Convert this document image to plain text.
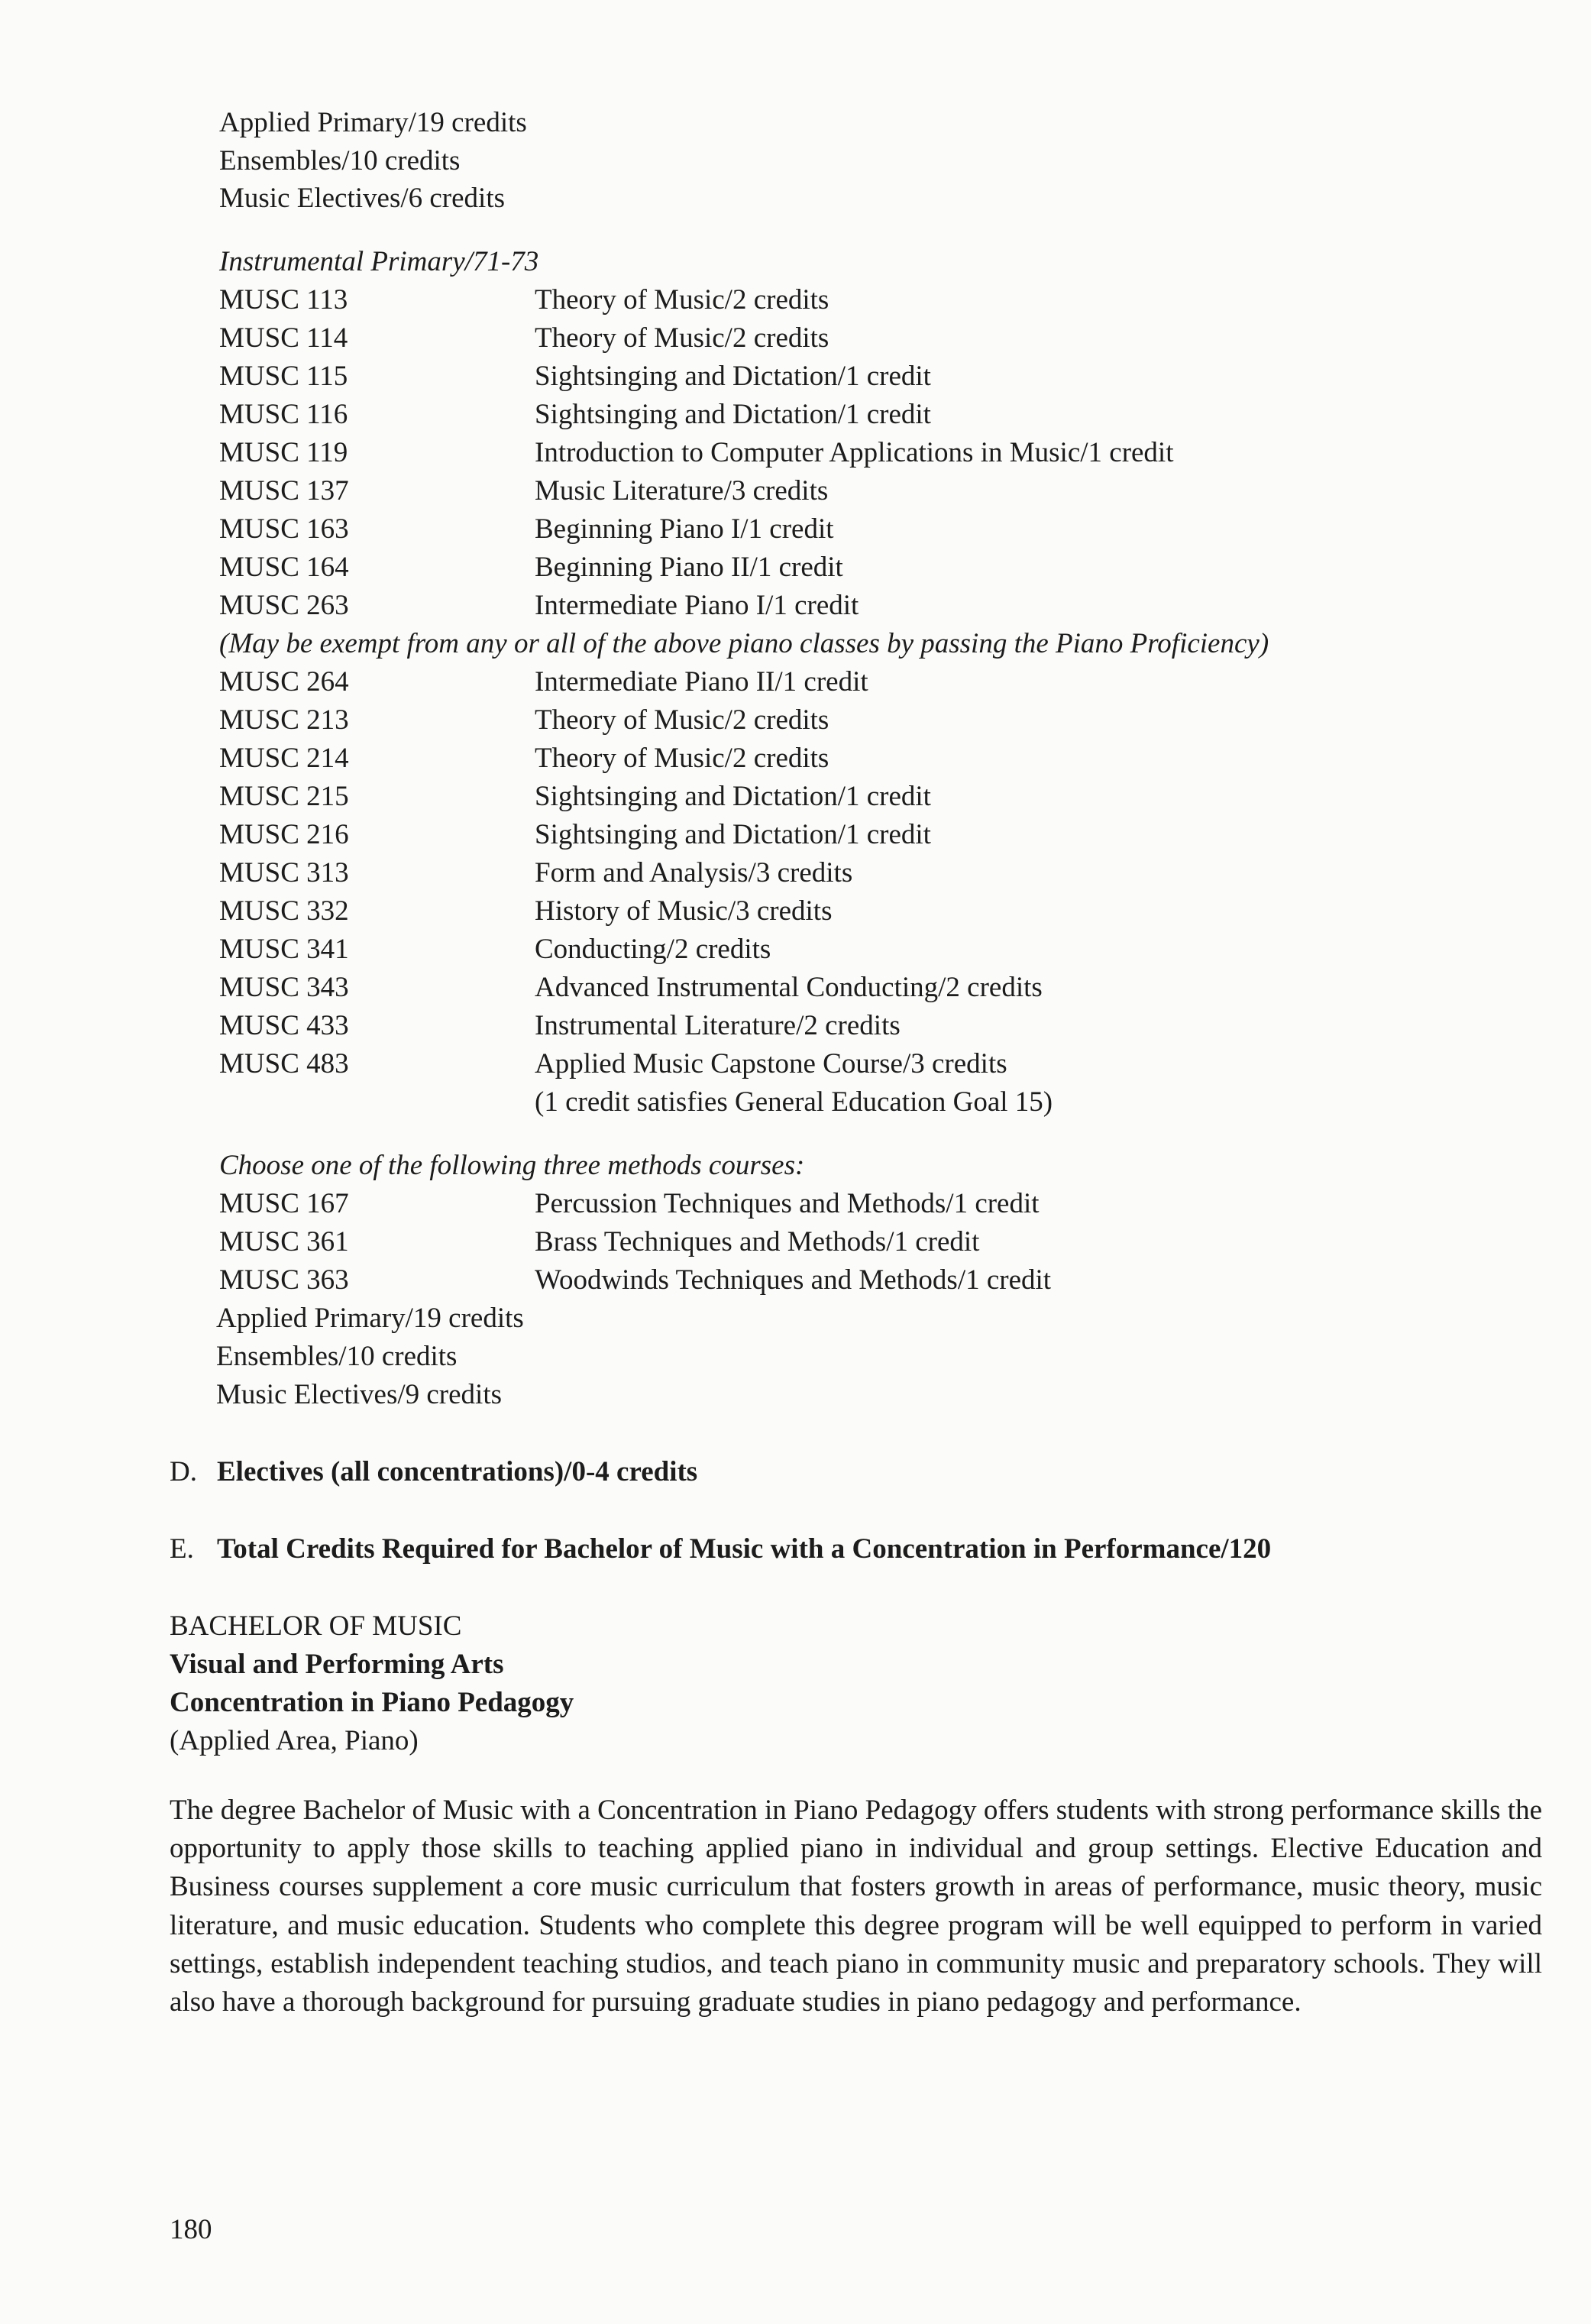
Applied Primary/19 credits
Ensembles/10 credits
Music Electives/6 credits
Instrumental Primary/71-73
MUSC 113	Theory of Music/2 credits
MUSC 114	Theory of Music/2 credits
MUSC 115	Sightsinging and Dictation/1 credit
MUSC 116	Sightsinging and Dictation/1 credit
MUSC 119	Introduction to Computer Applications in Music/1 credit
MUSC 137	Music Literature/3 credits
MUSC 163	Beginning Piano I/1 credit
MUSC 164	Beginning Piano II/1 credit
MUSC 263	Intermediate Piano I/1 credit
(May be exempt from any or all of the above piano classes by passing the Piano Proficiency)
MUSC 264	Intermediate Piano II/1 credit
MUSC 213	Theory of Music/2 credits
MUSC 214	Theory of Music/2 credits
MUSC 215	Sightsinging and Dictation/1 credit
MUSC 216	Sightsinging and Dictation/1 credit
MUSC 313	Form and Analysis/3 credits
MUSC 332	History of Music/3 credits
MUSC 341	Conducting/2 credits
MUSC 343	Advanced Instrumental Conducting/2 credits
MUSC 433	Instrumental Literature/2 credits
MUSC 483	Applied Music Capstone Course/3 credits
(1 credit satisfies General Education Goal 15)
Choose one of the following three methods courses:
MUSC 167	Percussion Techniques and Methods/1 credit
MUSC 361	Brass Techniques and Methods/1 credit
MUSC 363	Woodwinds Techniques and Methods/1 credit
Applied Primary/19 credits
Ensembles/10 credits
Music Electives/9 credits
D. Electives (all concentrations)/0-4 credits
E. Total Credits Required for Bachelor of Music with a Concentration in Performance/120
BACHELOR OF MUSIC
Visual and Performing Arts
Concentration in Piano Pedagogy
(Applied Area, Piano)
The degree Bachelor of Music with a Concentration in Piano Pedagogy offers students with strong performance skills the opportunity to apply those skills to teaching applied piano in individual and group settings. Elective Education and Business courses supplement a core music curriculum that fosters growth in areas of performance, music theory, music literature, and music education. Students who complete this degree program will be well equipped to perform in varied settings, establish independent teaching studios, and teach piano in community music and preparatory schools. They will also have a thorough background for pursuing graduate studies in piano pedagogy and performance.
180
